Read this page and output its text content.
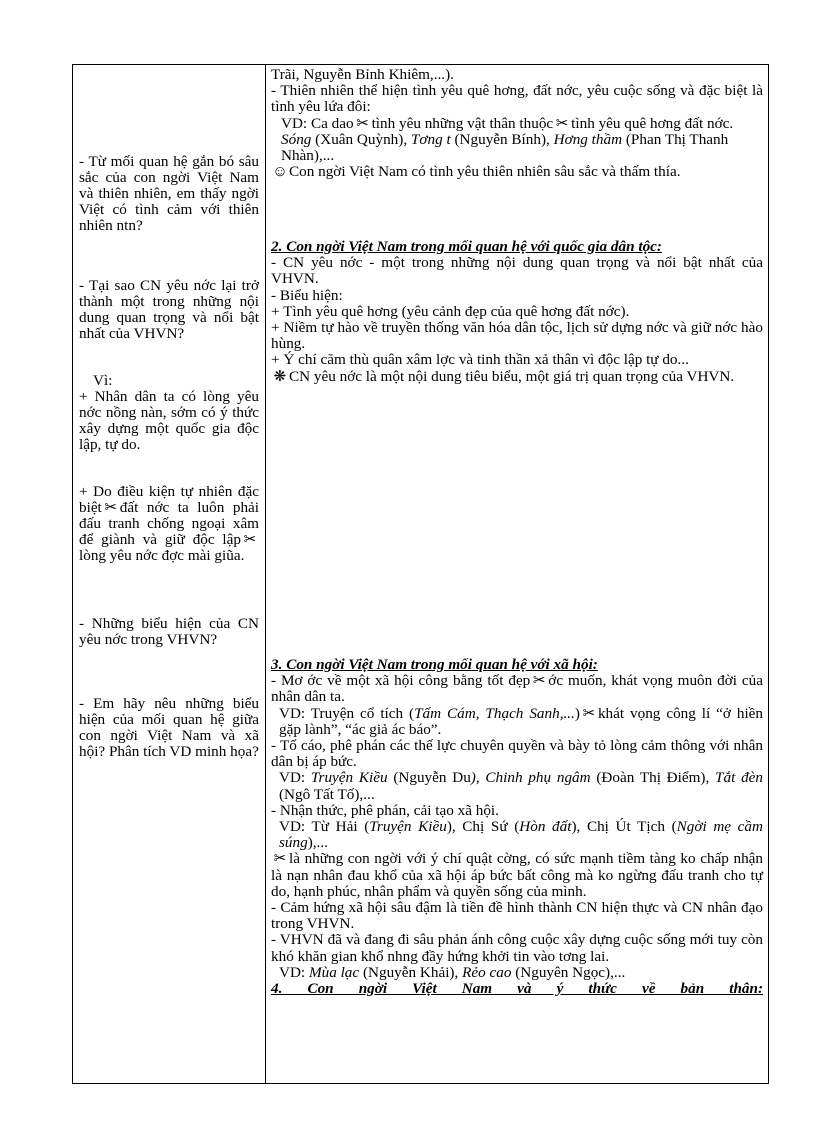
- Từ mối quan hệ gắn bó sâu sắc của con ngời Việt Nam và thiên nhiên, em thấy ngời Việt có tình cảm với thiên nhiên ntn?

- Tại sao CN yêu nớc lại trở thành một trong những nội dung quan trọng và nổi bật nhất của VHVN?

Vì:

+ Nhân dân ta có lòng yêu nớc nồng nàn, sớm có ý thức xây dựng một quốc gia độc lập, tự do.

+ Do điều kiện tự nhiên đặc biệt ✂ đất nớc ta luôn phải đấu tranh chống ngoại xâm để giành và giữ độc lập ✂lòng yêu nớc đợc mài giũa.

- Những biểu hiện của CN yêu nớc trong VHVN?

- Em hãy nêu những biểu hiện của mối quan hệ giữa con ngời Việt Nam và xã hội? Phân tích VD minh họa?

Trãi, Nguyễn Bỉnh Khiêm,...).

- Thiên nhiên thể hiện tình yêu quê hơng, đất nớc, yêu cuộc sống và đặc biệt là tình yêu lứa đôi:

VD: Ca dao ✂ tình yêu những vật thân thuộc ✂ tình yêu quê hơng đất nớc.

Sóng (Xuân Quỳnh), Tơng t (Nguyễn Bính), Hơng thầm (Phan Thị Thanh Nhàn),...

☺Con ngời Việt Nam có tình yêu thiên nhiên sâu sắc và thấm thía.

2. Con ngời Việt Nam trong mối quan hệ với quốc gia dân tộc:

- CN yêu nớc - một trong những nội dung quan trọng và nổi bật nhất của VHVN.

- Biểu hiện:

+ Tình yêu quê hơng (yêu cảnh đẹp của quê hơng đất nớc).

+ Niềm tự hào về truyền thống văn hóa dân tộc, lịch sử dựng nớc và giữ nớc hào hùng.

+ Ý chí căm thù quân xâm lợc và tinh thần xả thân vì độc lập tự do...

❋ CN yêu nớc là một nội dung tiêu biểu, một giá trị quan trọng của VHVN.

3. Con ngời Việt Nam trong mối quan hệ với xã hội:

- Mơ ớc về một xã hội công bằng tốt đẹp ✂ ớc muốn, khát vọng muôn đời của nhân dân ta.

VD: Truyện cổ tích (Tấm Cám, Thạch Sanh,...) ✂ khát vọng công lí “ở hiền gặp lành”, “ác giả ác báo”.

- Tố cáo, phê phán các thế lực chuyên quyền và bày tỏ lòng cảm thông với nhân dân bị áp bức.

VD: Truyện Kiều (Nguyễn Du), Chinh phụ ngâm (Đoàn Thị Điểm), Tắt đèn (Ngô Tất Tố),...

- Nhận thức, phê phán, cải tạo xã hội.

VD: Từ Hải (Truyện Kiều), Chị Sứ (Hòn đất), Chị Út Tịch (Ngời mẹ cầm súng),...

✂ là những con ngời với ý chí quật cờng, có sức mạnh tiềm tàng ko chấp nhận là nạn nhân đau khổ của xã hội áp bức bất công mà ko ngừng đấu tranh cho tự do, hạnh phúc, nhân phẩm và quyền sống của mình.

- Cảm hứng xã hội sâu đậm là tiền đề hình thành CN hiện thực và CN nhân đạo trong VHVN.

- VHVN đã và đang đi sâu phản ánh công cuộc xây dựng cuộc sống mới tuy còn khó khăn gian khổ nhng đầy hứng khởi tin vào tơng lai.

VD: Mùa lạc (Nguyễn Khải), Rẻo cao (Nguyên Ngọc),...

4. Con ngời Việt Nam và ý thức về bản thân:
